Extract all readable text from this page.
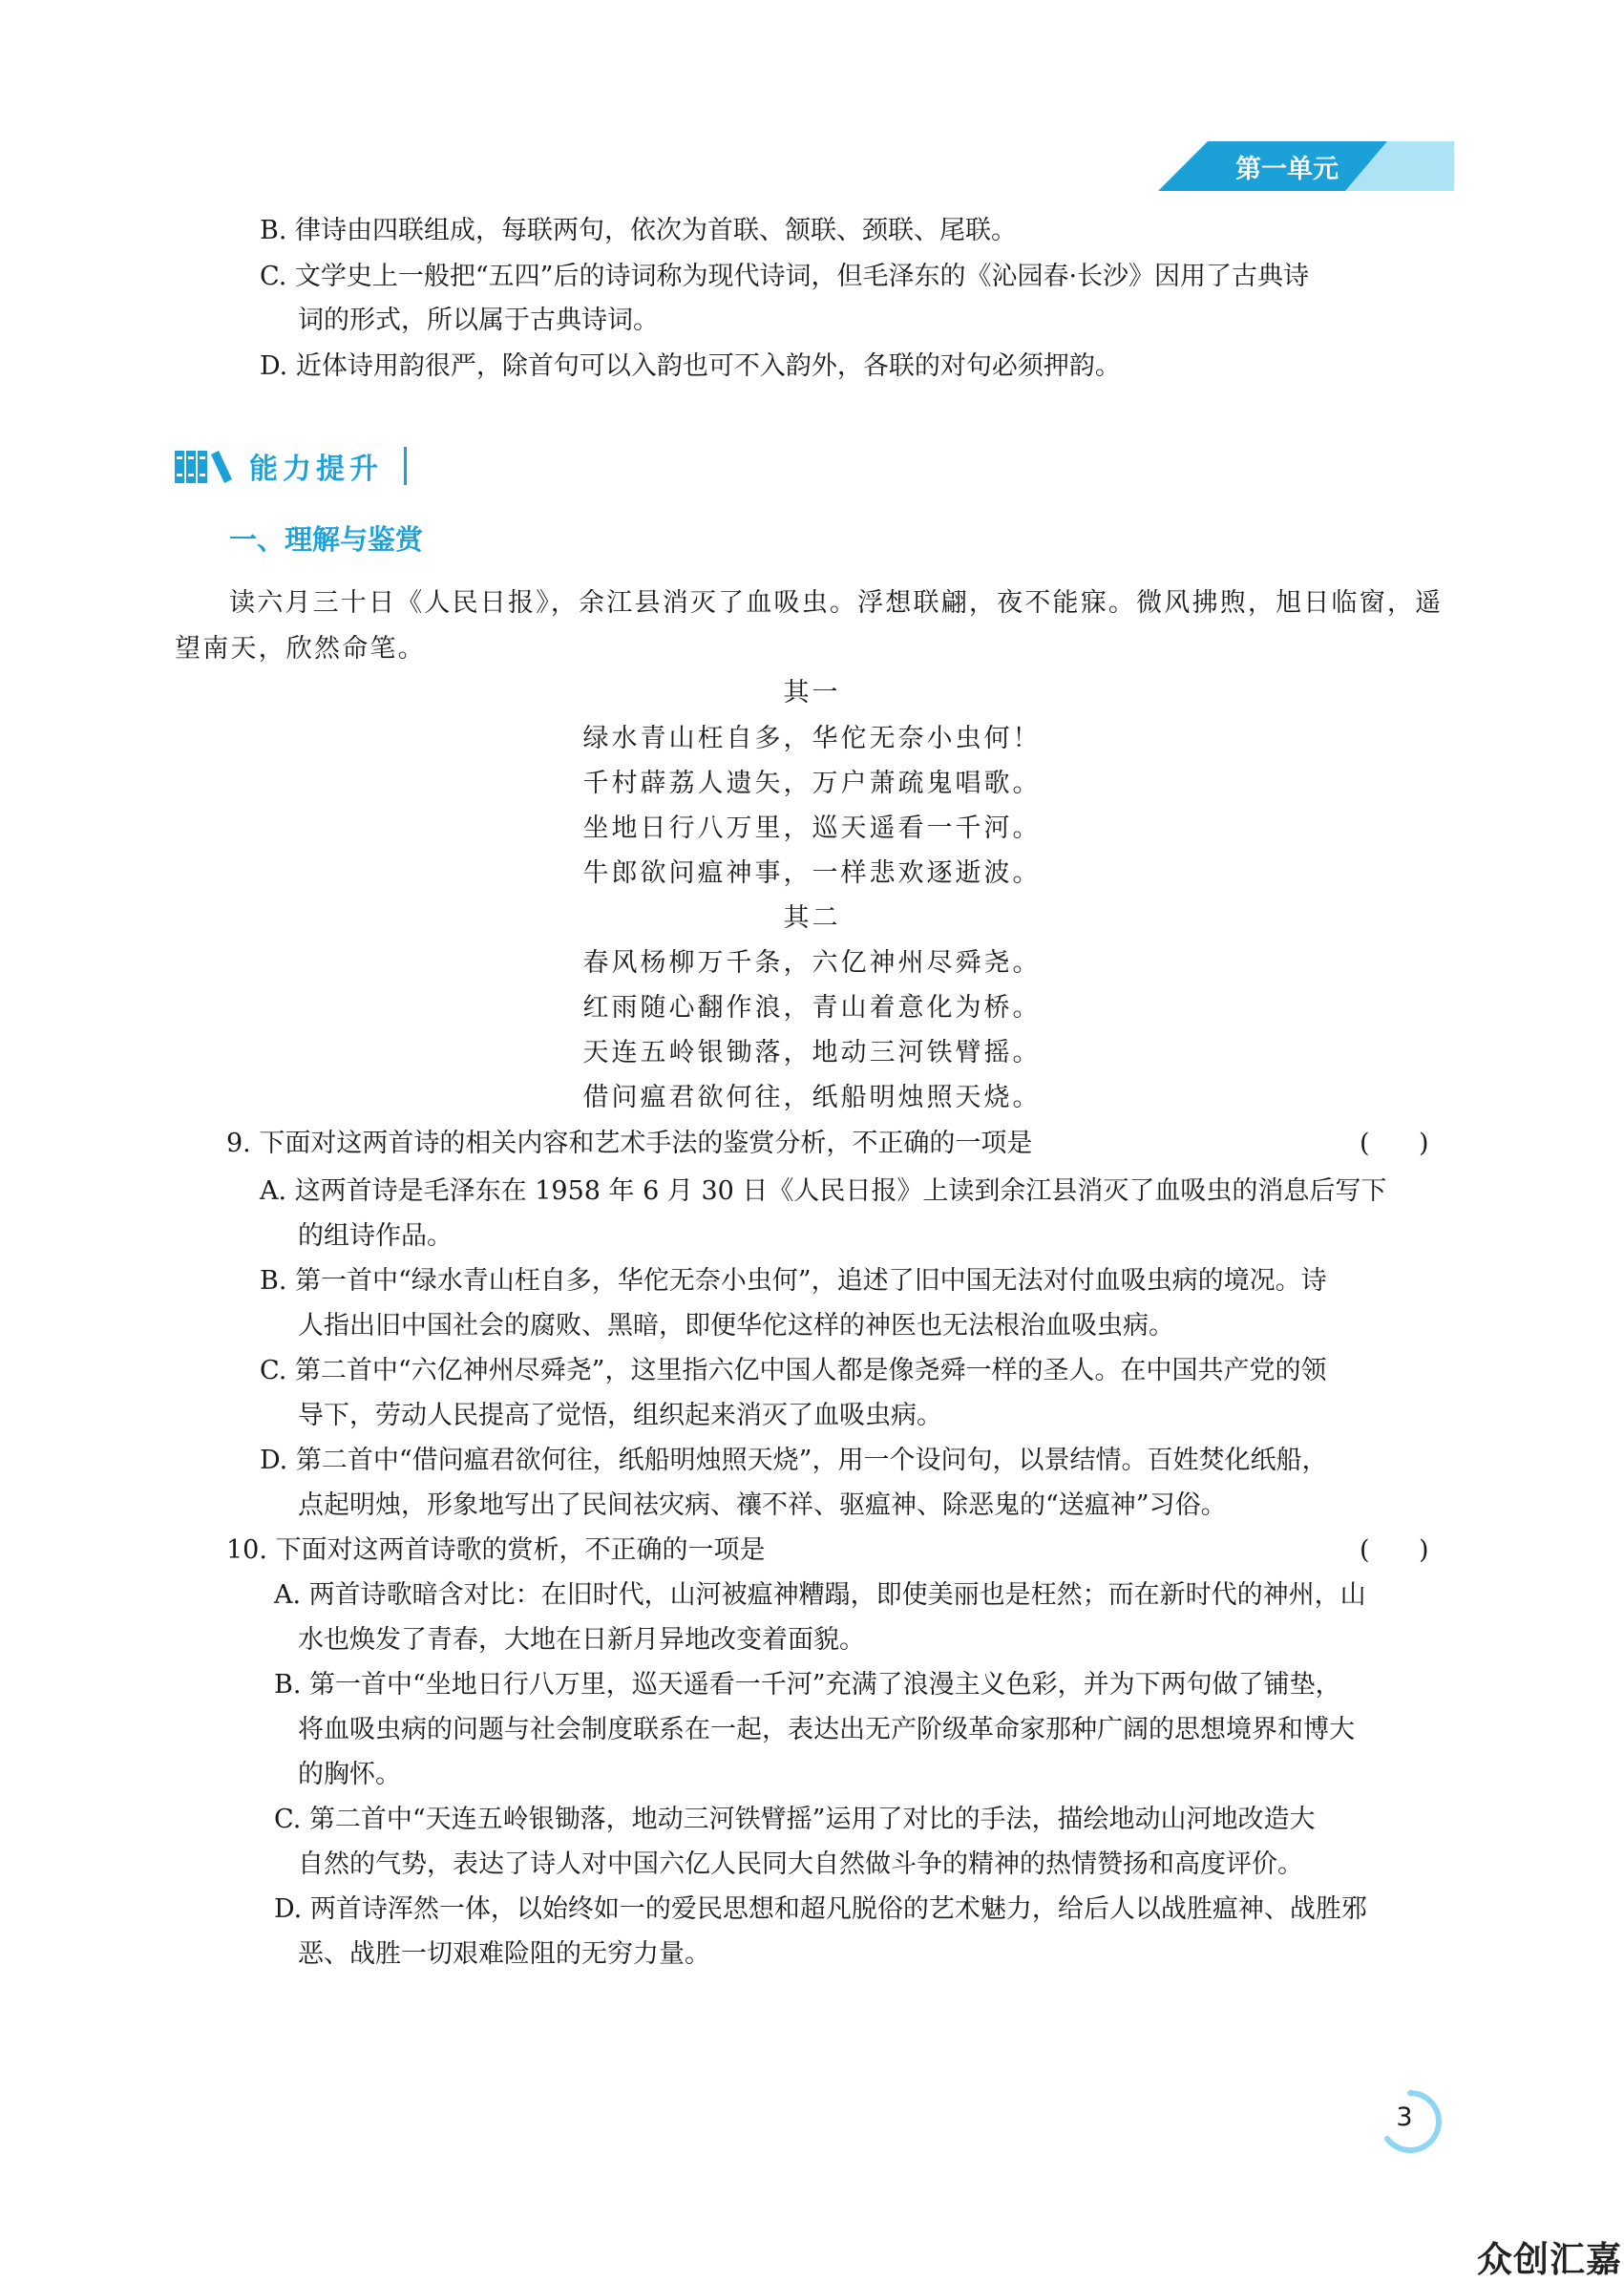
第一单元
B. 律诗由四联组成，每联两句，依次为首联、颔联、颈联、尾联。
C. 文学史上一般把“五四”后的诗词称为现代诗词，但毛泽东的《沁园春·长沙》因用了古典诗
词的形式，所以属于古典诗词。
D. 近体诗用韵很严，除首句可以入韵也可不入韵外，各联的对句必须押韵。
能力提升
一、理解与鉴赏
读六月三十日《人民日报》，余江县消灭了血吸虫。浮想联翩，夜不能寐。微风拂煦，旭日临窗，遥
望南天，欣然命笔。
其一
绿水青山枉自多，华佗无奈小虫何！
千村薜荔人遗矢，万户萧疏鬼唱歌。
坐地日行八万里，巡天遥看一千河。
牛郎欲问瘟神事，一样悲欢逐逝波。
其二
春风杨柳万千条，六亿神州尽舜尧。
红雨随心翻作浪，青山着意化为桥。
天连五岭银锄落，地动三河铁臂摇。
借问瘟君欲何往，纸船明烛照天烧。
9. 下面对这两首诗的相关内容和艺术手法的鉴赏分析，不正确的一项是	(      )
A. 这两首诗是毛泽东在 1958 年 6 月 30 日《人民日报》上读到余江县消灭了血吸虫的消息后写下
的组诗作品。
B. 第一首中“绿水青山枉自多，华佗无奈小虫何”，追述了旧中国无法对付血吸虫病的境况。诗
人指出旧中国社会的腐败、黑暗，即便华佗这样的神医也无法根治血吸虫病。
C. 第二首中“六亿神州尽舜尧”，这里指六亿中国人都是像尧舜一样的圣人。在中国共产党的领
导下，劳动人民提高了觉悟，组织起来消灭了血吸虫病。
D. 第二首中“借问瘟君欲何往，纸船明烛照天烧”，用一个设问句，以景结情。百姓焚化纸船，
点起明烛，形象地写出了民间祛灾病、禳不祥、驱瘟神、除恶鬼的“送瘟神”习俗。
10. 下面对这两首诗歌的赏析，不正确的一项是	(      )
A. 两首诗歌暗含对比：在旧时代，山河被瘟神糟蹋，即使美丽也是枉然；而在新时代的神州，山
水也焕发了青春，大地在日新月异地改变着面貌。
B. 第一首中“坐地日行八万里，巡天遥看一千河”充满了浪漫主义色彩，并为下两句做了铺垫，
将血吸虫病的问题与社会制度联系在一起，表达出无产阶级革命家那种广阔的思想境界和博大
的胸怀。
C. 第二首中“天连五岭银锄落，地动三河铁臂摇”运用了对比的手法，描绘地动山河地改造大
自然的气势，表达了诗人对中国六亿人民同大自然做斗争的精神的热情赞扬和高度评价。
D. 两首诗浑然一体，以始终如一的爱民思想和超凡脱俗的艺术魅力，给后人以战胜瘟神、战胜邪
恶、战胜一切艰难险阻的无穷力量。
3
众创汇嘉
